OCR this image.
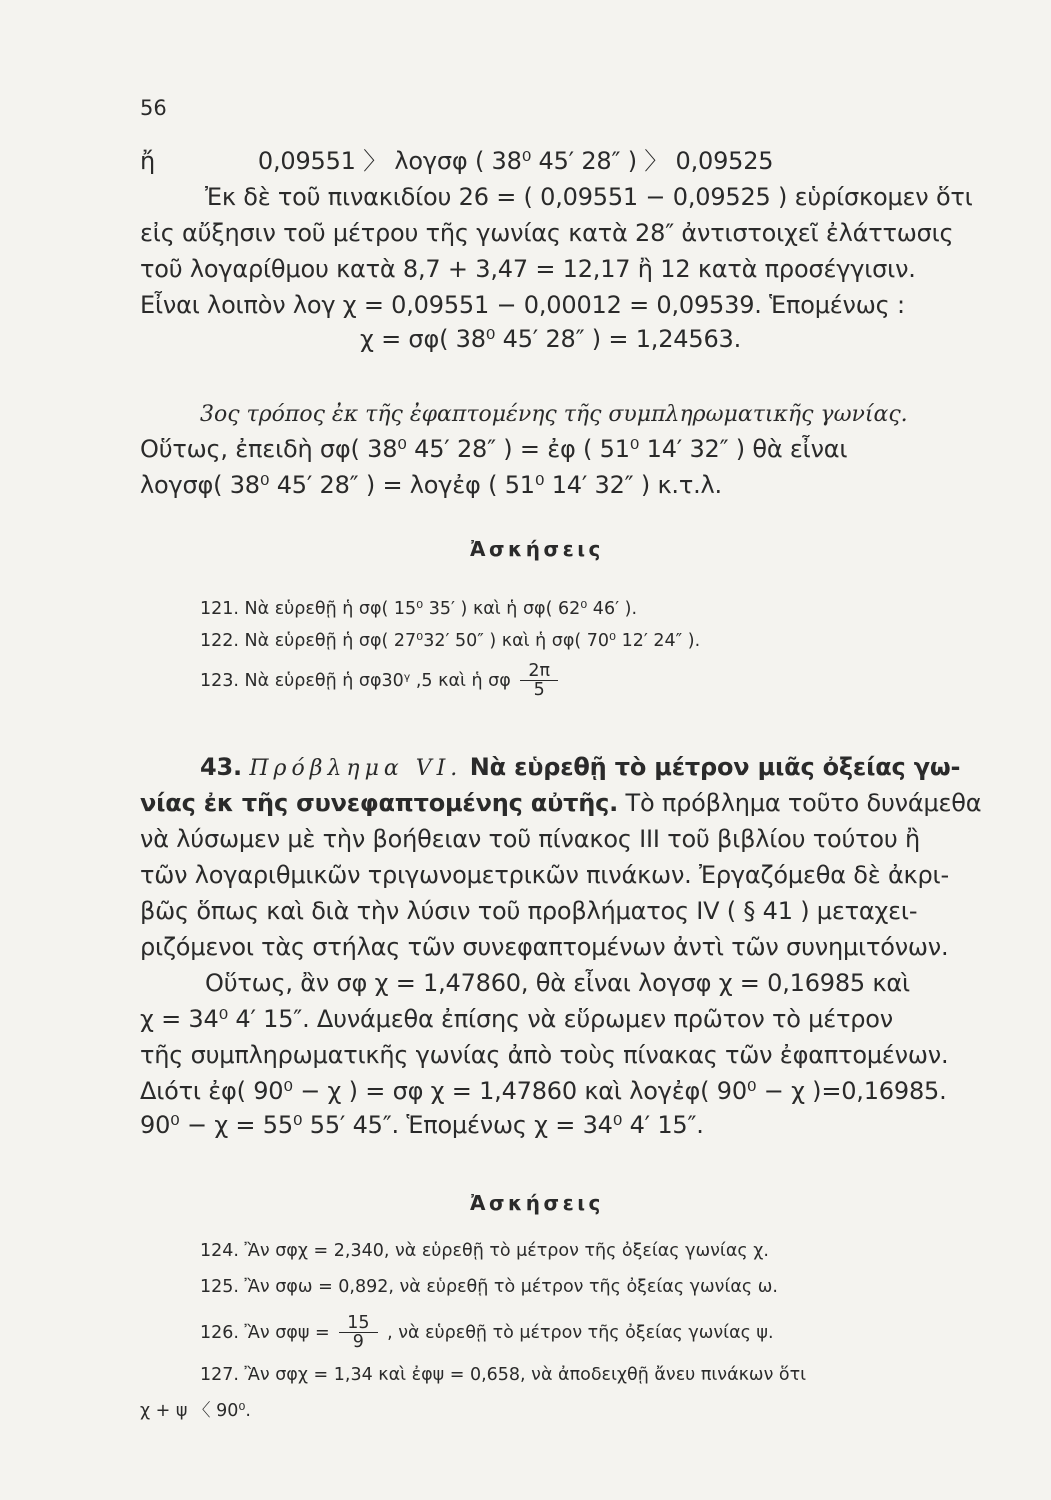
56
ἤ	0,09551 〉 λογσφ ( 38⁰ 45′ 28″ ) 〉 0,09525
Ἐκ δὲ τοῦ πινακιδίου 26 = ( 0,09551 − 0,09525 ) εὑρίσκομεν ὅτι
εἰς αὔξησιν τοῦ μέτρου τῆς γωνίας κατὰ 28″ ἀντιστοιχεῖ ἐλάττωσις
τοῦ λογαρίθμου κατὰ 8,7 + 3,47 = 12,17 ἢ 12 κατὰ προσέγγισιν.
Εἶναι λοιπὸν λογ χ = 0,09551 − 0,00012 = 0,09539. Ἑπομένως :
χ = σφ( 38⁰ 45′ 28″ ) = 1,24563.
3ος τρόπος ἐκ τῆς ἐφαπτομένης τῆς συμπληρωματικῆς γωνίας.
Οὕτως, ἐπειδὴ σφ( 38⁰ 45′ 28″ ) = ἐφ ( 51⁰ 14′ 32″ ) θὰ εἶναι
λογσφ( 38⁰ 45′ 28″ ) = λογἐφ ( 51⁰ 14′ 32″ ) κ.τ.λ.
Ἀσκήσεις
121. Νὰ εὑρεθῇ ἡ σφ( 15⁰ 35′ ) καὶ ἡ σφ( 62⁰ 46′ ).
122. Νὰ εὑρεθῇ ἡ σφ( 27⁰32′ 50″ ) καὶ ἡ σφ( 70⁰ 12′ 24″ ).
123. Νὰ εὑρεθῇ ἡ σφ30ᵞ ,5 καὶ ἡ σφ $\frac{2\pi}{5}$
43. Πρόβλημα VI. Νὰ εὑρεθῇ τὸ μέτρον μιᾶς ὀξείας γω-
νίας ἐκ τῆς συνεφαπτομένης αὐτῆς. Τὸ πρόβλημα τοῦτο δυνάμεθα
νὰ λύσωμεν μὲ τὴν βοήθειαν τοῦ πίνακος III τοῦ βιβλίου τούτου ἢ
τῶν λογαριθμικῶν τριγωνομετρικῶν πινάκων. Ἐργαζόμεθα δὲ ἀκρι-
βῶς ὅπως καὶ διὰ τὴν λύσιν τοῦ προβλήματος IV ( § 41 ) μεταχει-
ριζόμενοι τὰς στήλας τῶν συνεφαπτομένων ἀντὶ τῶν συνημιτόνων.
Οὕτως, ἂν σφ χ = 1,47860, θὰ εἶναι λογσφ χ = 0,16985 καὶ
χ = 34⁰ 4′ 15″. Δυνάμεθα ἐπίσης νὰ εὕρωμεν πρῶτον τὸ μέτρον
τῆς συμπληρωματικῆς γωνίας ἀπὸ τοὺς πίνακας τῶν ἐφαπτομένων.
Διότι ἐφ( 90⁰ − χ ) = σφ χ = 1,47860 καὶ λογἐφ( 90⁰ − χ )=0,16985.
90⁰ − χ = 55⁰ 55′ 45″. Ἑπομένως χ = 34⁰ 4′ 15″.
Ἀσκήσεις
124. Ἂν σφχ = 2,340, νὰ εὑρεθῇ τὸ μέτρον τῆς ὀξείας γωνίας χ.
125. Ἂν σφω = 0,892, νὰ εὑρεθῇ τὸ μέτρον τῆς ὀξείας γωνίας ω.
126. Ἂν $\sigma\varphi\psi = \frac{15}{9}$ , νὰ εὑρεθῇ τὸ μέτρον τῆς ὀξείας γωνίας ψ.
127. Ἂν σφχ = 1,34 καὶ ἐφψ = 0,658, νὰ ἀποδειχθῇ ἄνευ πινάκων ὅτι
χ + ψ 〈 90⁰.
